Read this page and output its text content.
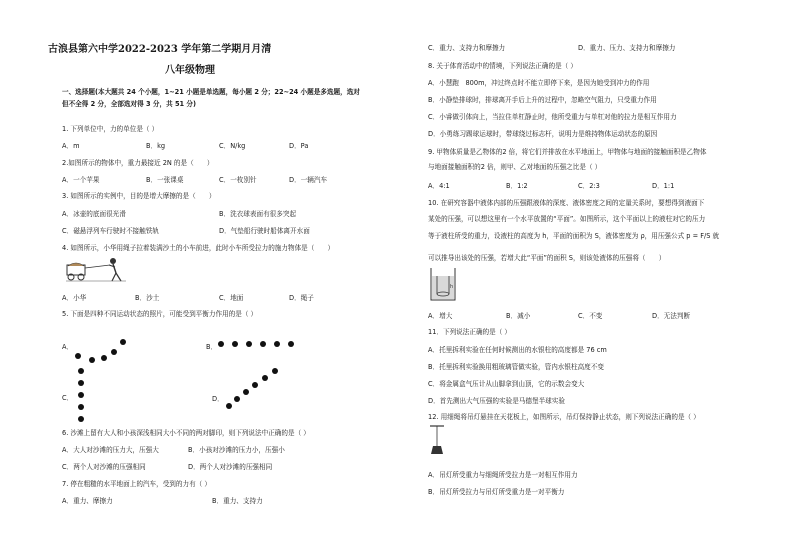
古浪县第六中学2022-2023 学年第二学期月月清
八年级物理
一、选择题(本大题共 24 个小题，1~21 小题是单选题，每小题 2 分；22~24 小题是多选题，选对
但不全得 2 分，全部选对得 3 分，共 51 分)
1. 下列单位中，力的单位是（ ）
A．m	B．kg	C．N/kg	D．Pa
2.如图所示的物体中，重力最接近 2N 的是（　　）
A．一个苹果	B．一张课桌	C．一枚别针	D．一辆汽车
3. 如图所示的实例中，目的是增大摩擦的是（　　）
A．冰壶的底面很光滑	B．洗衣球表面有很多突起
C．磁悬浮列车行驶时不接触铁轨	D．气垫船行驶时船体离开水面
4. 如图所示，小华用绳子拉着装满沙土的小车前进，此时小车所受拉力的施力物体是（　　）
A．小华	B．沙土	C．地面	D．绳子
5. 下面是四种不同运动状态的照片，可能受到平衡力作用的是（ ）
A．	B．
C．	D．
6. 沙滩上留有大人和小孩深浅相同大小不同的两对脚印，则下列说法中正确的是（ ）
A．大人对沙滩的压力大，压强大	B．小孩对沙滩的压力小，压强小
C．两个人对沙滩的压强相同	D．两个人对沙滩的压强相同
7. 停在粗糙的水平地面上的汽车，受到的力有（ ）
A．重力、摩擦力	B．重力、支持力
C．重力、支持力和摩擦力	D．重力、压力、支持力和摩擦力
8. 关于体育活动中的情境，下列说法正确的是（ ）
A．小慧跑　800m，冲过终点时不能立即停下来，是因为她受到冲力的作用
B．小静垫排球时，排球离开手后上升的过程中，忽略空气阻力，只受重力作用
C．小睿做引体向上，当拉住单杠静止时，他所受重力与单杠对他的拉力是相互作用力
D．小勇练习踢球运球时，带球绕过标志杆，说明力是维持物体运动状态的原因
9. 甲物体质量是乙物体的2 倍，将它们并排放在水平地面上，甲物体与地面的接触面积是乙物体
与地面接触面积的2 倍，则甲、乙对地面的压强之比是（ ）
A．4:1	B．1:2	C．2:3	D．1:1
10. 在研究容器中液体内部的压强跟液体的深度、液体密度之间的定量关系时，要想得到液面下
某处的压强，可以想这里有一个水平放置的“平面”。如图所示，这个平面以上的液柱对它的压力
等于液柱所受的重力，设液柱的高度为 h，平面的面积为 S，液体密度为 ρ，用压强公式 p = F/S 就
可以推导出该处的压强，若增大此“平面”的面积 S，则该处液体的压强将（　　）
h
A．增大	B．减小	C．不变	D．无法判断
11．下列说法正确的是（ ）
A．托里拆利实验在任何时候测出的水银柱的高度都是 76 cm
B．托里拆利实验换用粗玻璃管做实验，管内水银柱高度不变
C．将金属盒气压计从山脚拿到山顶，它的示数会变大
D．首先测出大气压强的实验是马德堡半球实验
12. 用细绳将吊灯悬挂在天花板上，如图所示，吊灯保持静止状态，则下列说法正确的是（ ）
A．吊灯所受重力与细绳所受拉力是一对相互作用力
B．吊灯所受拉力与吊灯所受重力是一对平衡力
